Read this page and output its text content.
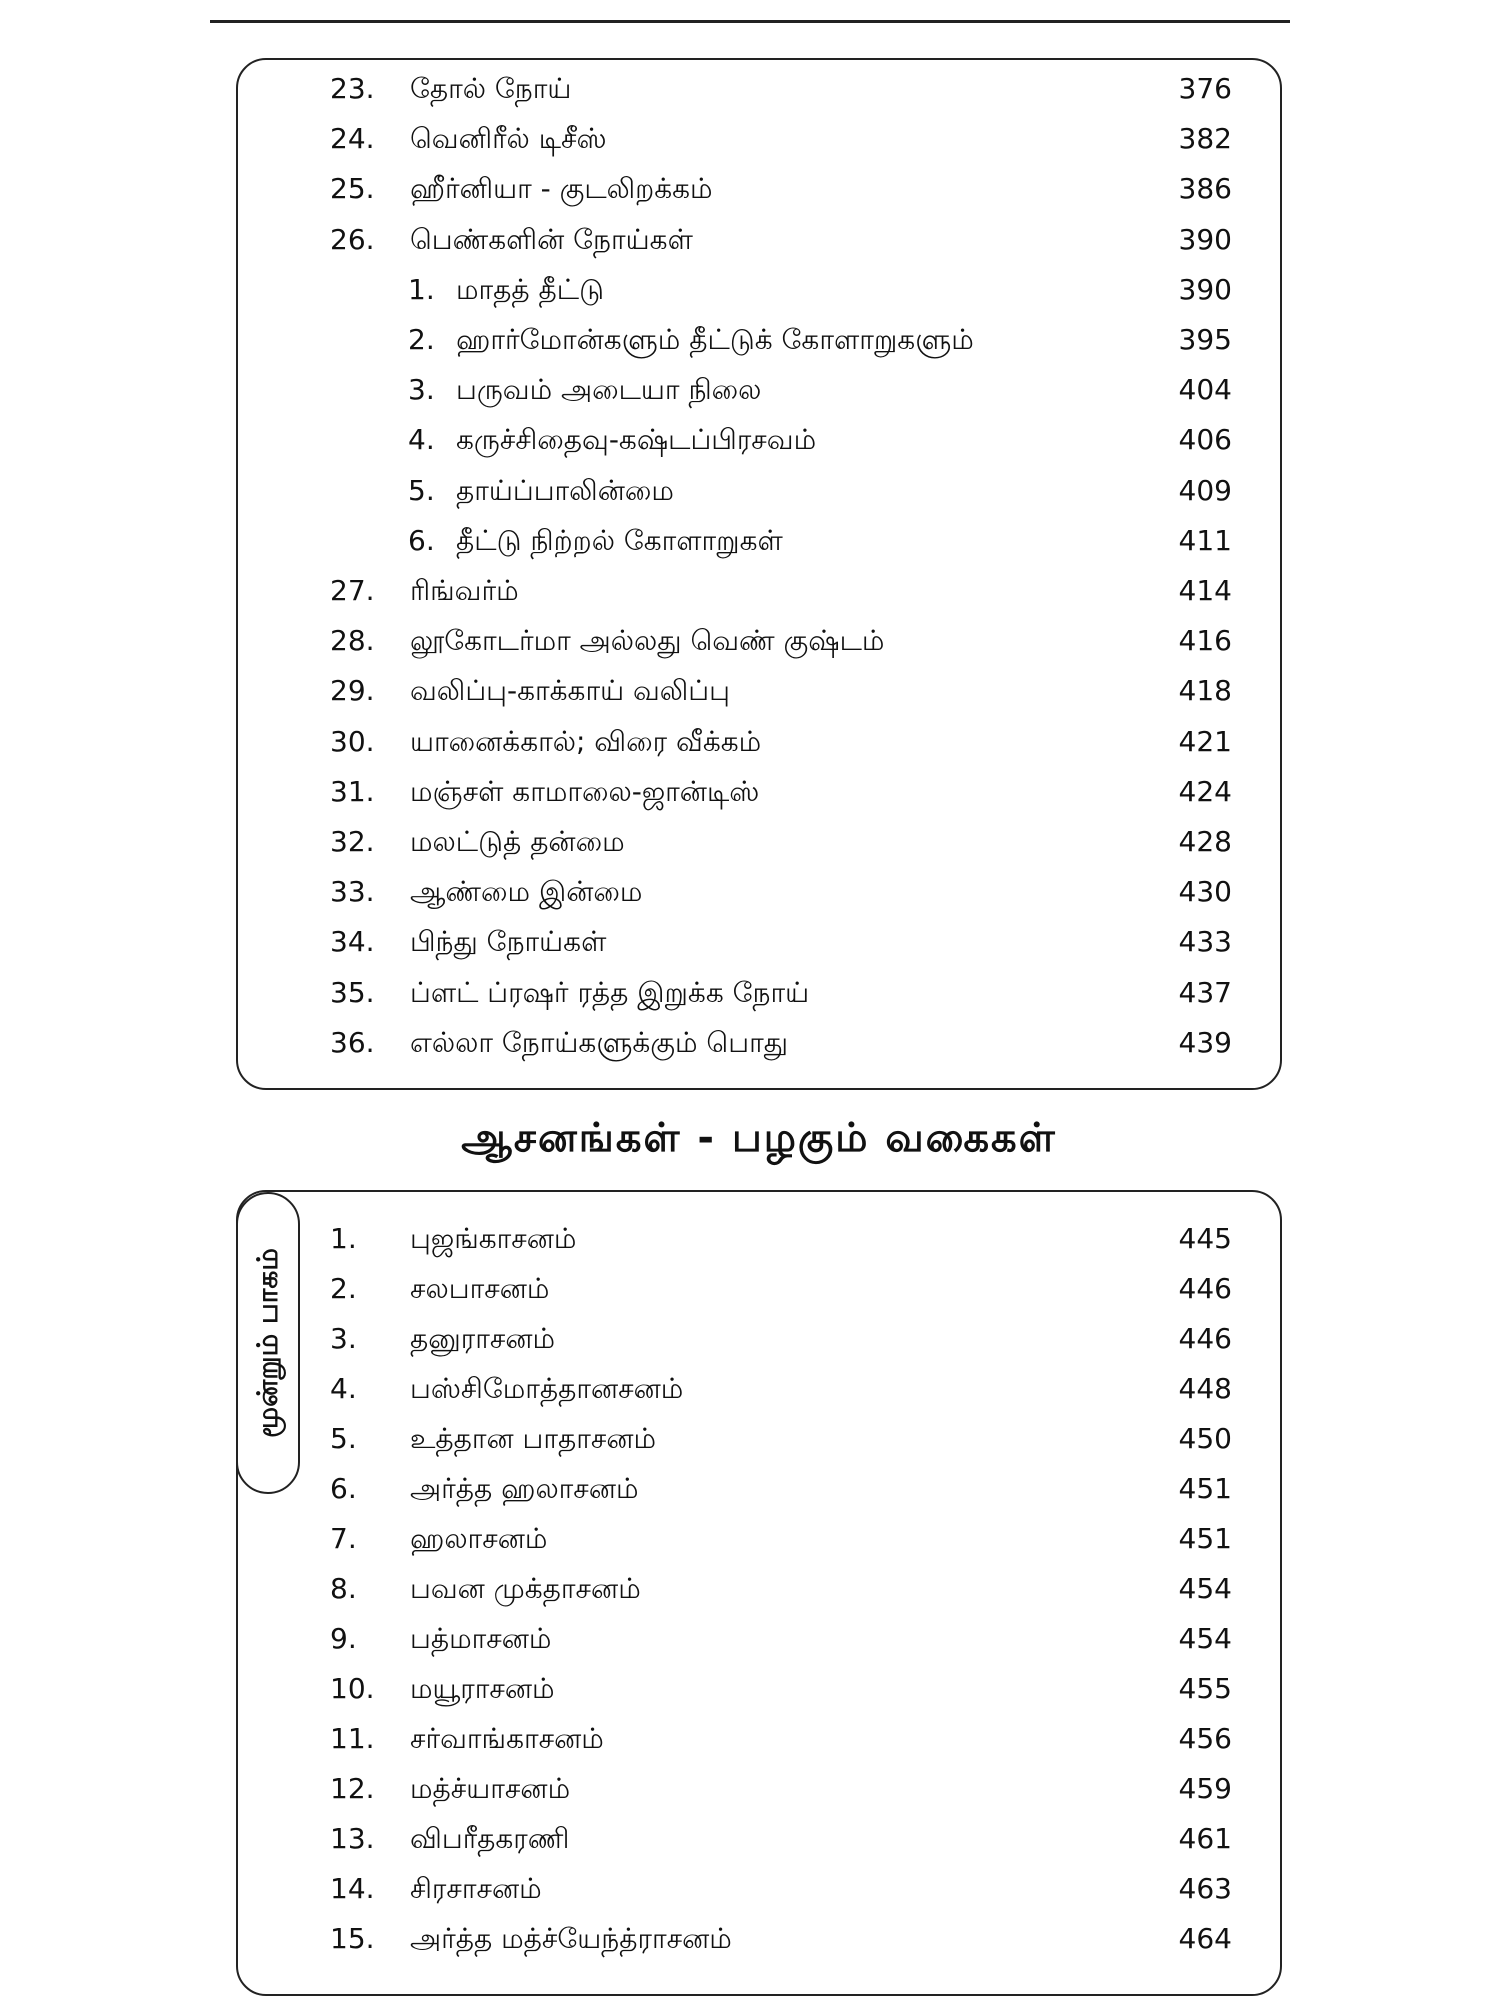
23. தோல் நோய்	376
24. வெனிரீல் டிசீஸ்	382
25. ஹீர்னியா - குடலிறக்கம்	386
26. பெண்களின் நோய்கள்	390
1. மாதத் தீட்டு	390
2. ஹார்மோன்களும் தீட்டுக் கோளாறுகளும்	395
3. பருவம் அடையா நிலை	404
4. கருச்சிதைவு-கஷ்டப்பிரசவம்	406
5. தாய்ப்பாலின்மை	409
6. தீட்டு நிற்றல் கோளாறுகள்	411
27. ரிங்வர்ம்	414
28. லூகோடர்மா அல்லது வெண் குஷ்டம்	416
29. வலிப்பு-காக்காய் வலிப்பு	418
30. யானைக்கால்; விரை வீக்கம்	421
31. மஞ்சள் காமாலை-ஜான்டிஸ்	424
32. மலட்டுத் தன்மை	428
33. ஆண்மை இன்மை	430
34. பிந்து நோய்கள்	433
35. ப்ளட் ப்ரஷர் ரத்த இறுக்க நோய்	437
36. எல்லா நோய்களுக்கும் பொது	439
ஆசனங்கள் - பழகும் வகைகள்
1. புஜங்காசனம்	445
2. சலபாசனம்	446
3. தனுராசனம்	446
4. பஸ்சிமோத்தானசனம்	448
5. உத்தான பாதாசனம்	450
6. அர்த்த ஹலாசனம்	451
7. ஹலாசனம்	451
8. பவன முக்தாசனம்	454
9. பத்மாசனம்	454
10. மயூராசனம்	455
11. சர்வாங்காசனம்	456
12. மத்ச்யாசனம்	459
13. விபரீதகரணி	461
14. சிரசாசனம்	463
15. அர்த்த மத்ச்யேந்த்ராசனம்	464
மூன்றும் பாகம்
